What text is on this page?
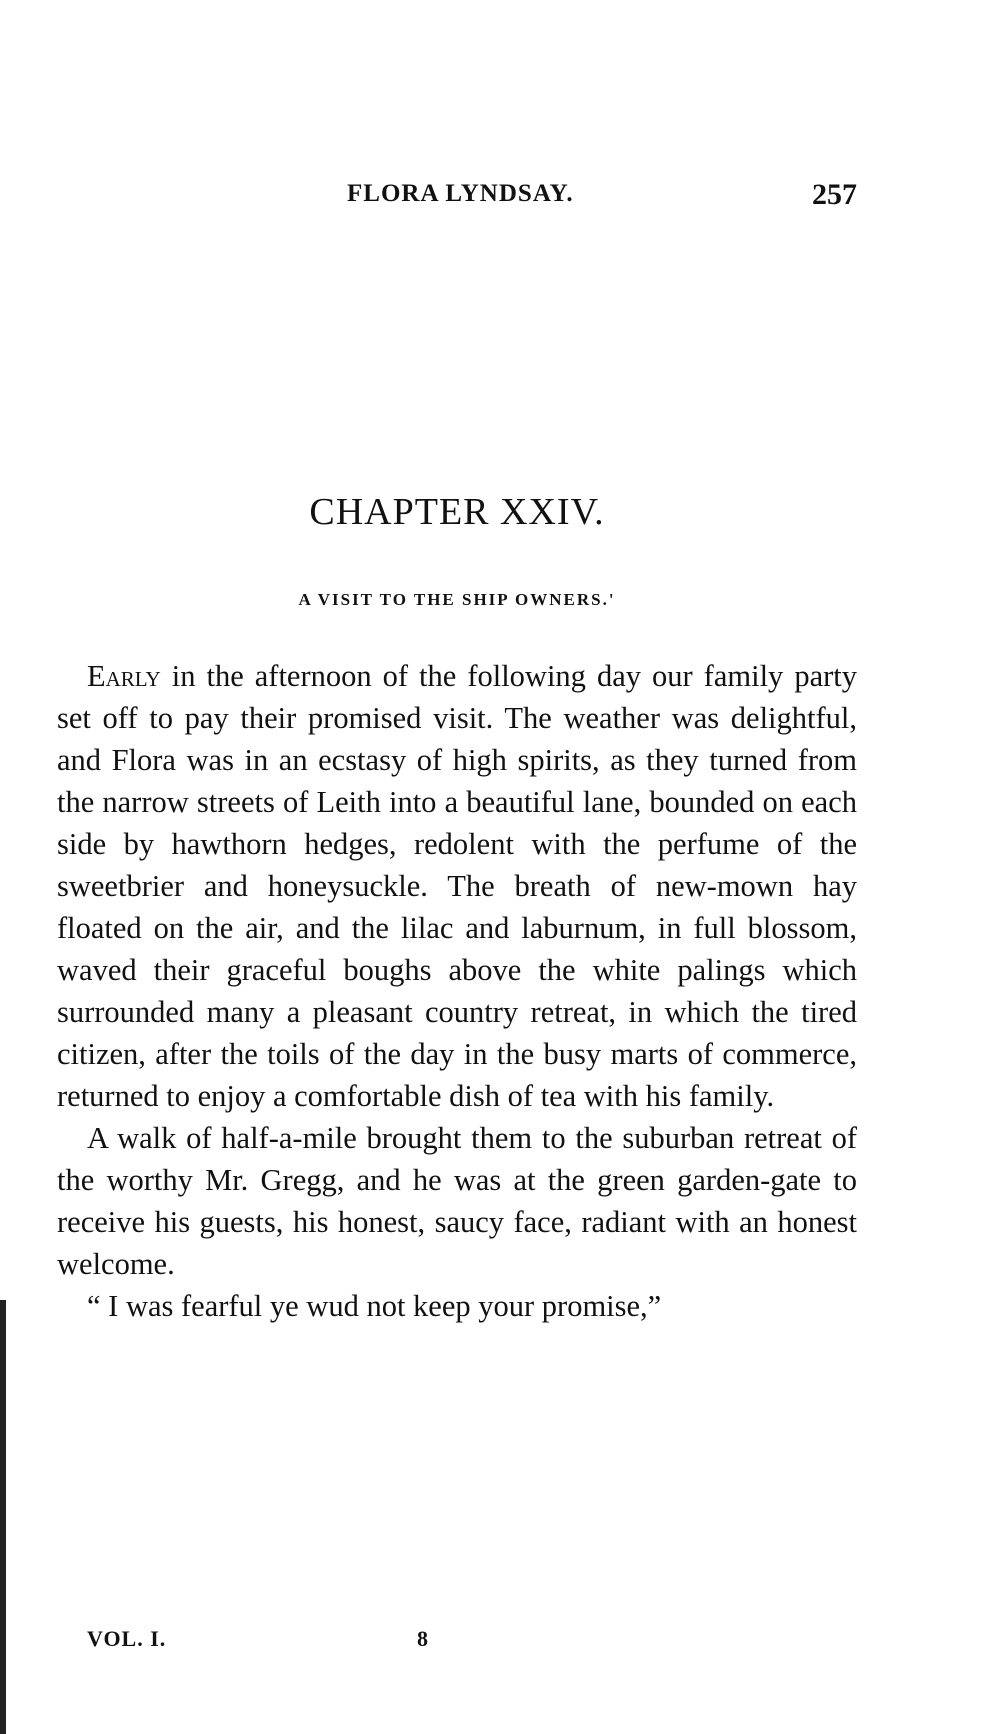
FLORA LYNDSAY.	257
CHAPTER XXIV.
A VISIT TO THE SHIP OWNERS.'

Early in the afternoon of the following day our family party set off to pay their promised visit. The weather was delightful, and Flora was in an ecstasy of high spirits, as they turned from the narrow streets of Leith into a beautiful lane, bounded on each side by hawthorn hedges, redolent with the perfume of the sweetbrier and honeysuckle. The breath of new-mown hay floated on the air, and the lilac and laburnum, in full blossom, waved their graceful boughs above the white palings which surrounded many a pleasant country retreat, in which the tired citizen, after the toils of the day in the busy marts of commerce, returned to enjoy a comfortable dish of tea with his family.

A walk of half-a-mile brought them to the suburban retreat of the worthy Mr. Gregg, and he was at the green garden-gate to receive his guests, his honest, saucy face, radiant with an honest welcome.

“ I was fearful ye wud not keep your promise,”

VOL. I.	8
